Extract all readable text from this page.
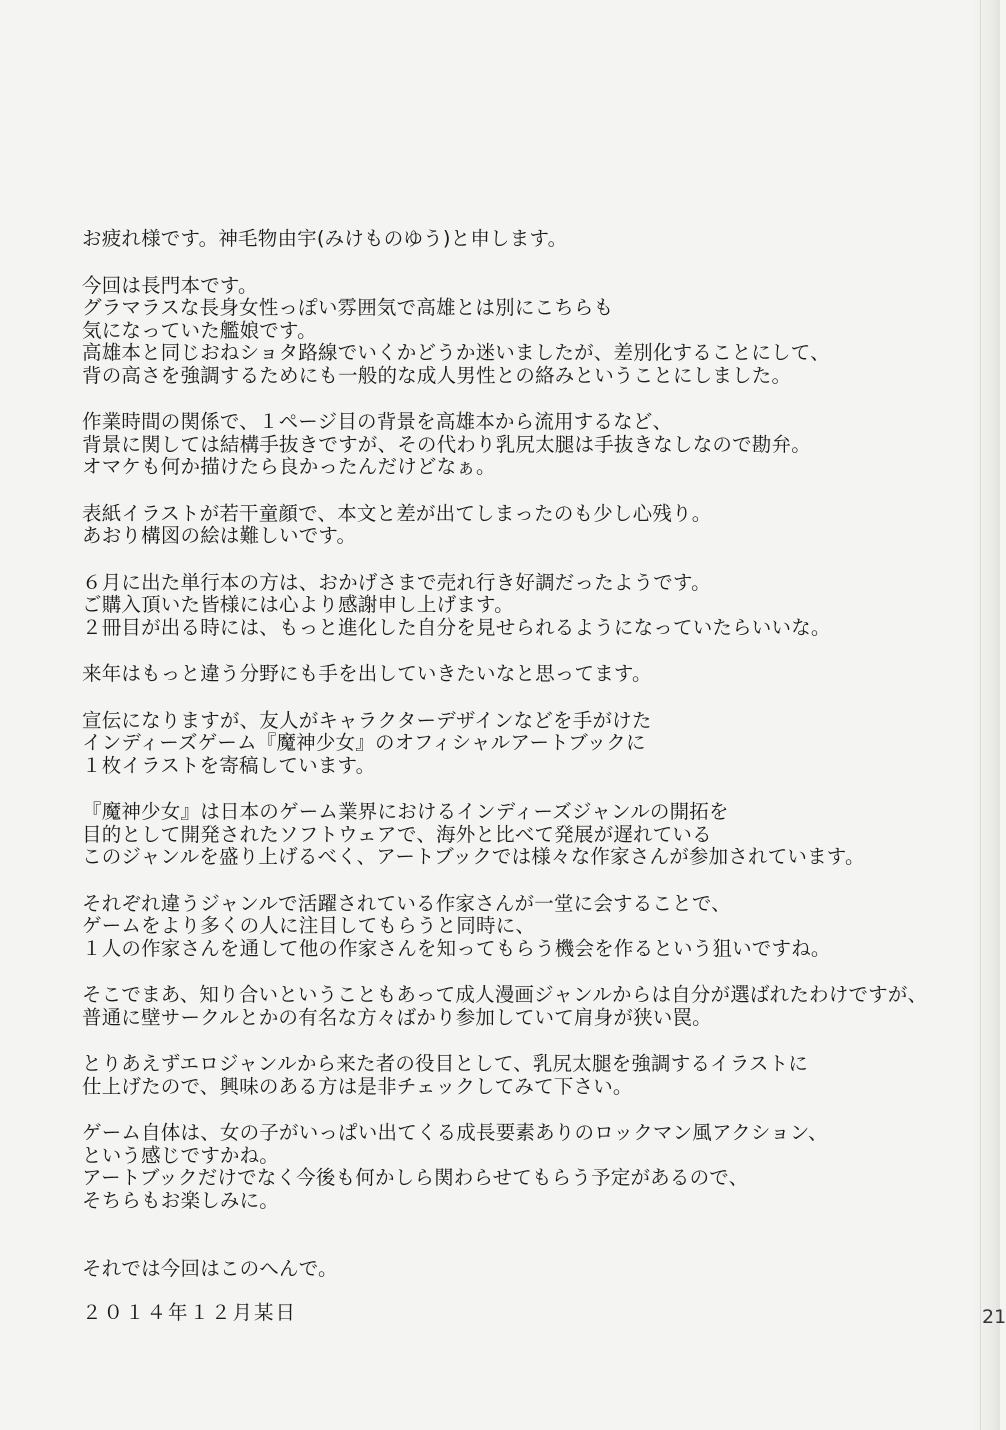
お疲れ様です。神毛物由宇(みけものゆう)と申します。
今回は長門本です。
グラマラスな長身女性っぽい雰囲気で高雄とは別にこちらも
気になっていた艦娘です。
高雄本と同じおねショタ路線でいくかどうか迷いましたが、差別化することにして、
背の高さを強調するためにも一般的な成人男性との絡みということにしました。
作業時間の関係で、１ページ目の背景を高雄本から流用するなど、
背景に関しては結構手抜きですが、その代わり乳尻太腿は手抜きなしなので勘弁。
オマケも何か描けたら良かったんだけどなぁ。
表紙イラストが若干童顔で、本文と差が出てしまったのも少し心残り。
あおり構図の絵は難しいです。
６月に出た単行本の方は、おかげさまで売れ行き好調だったようです。
ご購入頂いた皆様には心より感謝申し上げます。
２冊目が出る時には、もっと進化した自分を見せられるようになっていたらいいな。
来年はもっと違う分野にも手を出していきたいなと思ってます。
宣伝になりますが、友人がキャラクターデザインなどを手がけた
インディーズゲーム『魔神少女』のオフィシャルアートブックに
１枚イラストを寄稿しています。
『魔神少女』は日本のゲーム業界におけるインディーズジャンルの開拓を
目的として開発されたソフトウェアで、海外と比べて発展が遅れている
このジャンルを盛り上げるべく、アートブックでは様々な作家さんが参加されています。
それぞれ違うジャンルで活躍されている作家さんが一堂に会することで、
ゲームをより多くの人に注目してもらうと同時に、
１人の作家さんを通して他の作家さんを知ってもらう機会を作るという狙いですね。
そこでまあ、知り合いということもあって成人漫画ジャンルからは自分が選ばれたわけですが、
普通に壁サークルとかの有名な方々ばかり参加していて肩身が狭い罠。
とりあえずエロジャンルから来た者の役目として、乳尻太腿を強調するイラストに
仕上げたので、興味のある方は是非チェックしてみて下さい。
ゲーム自体は、女の子がいっぱい出てくる成長要素ありのロックマン風アクション、
という感じですかね。
アートブックだけでなく今後も何かしら関わらせてもらう予定があるので、
そちらもお楽しみに。
それでは今回はこのへんで。
２０１４年１２月某日	21
